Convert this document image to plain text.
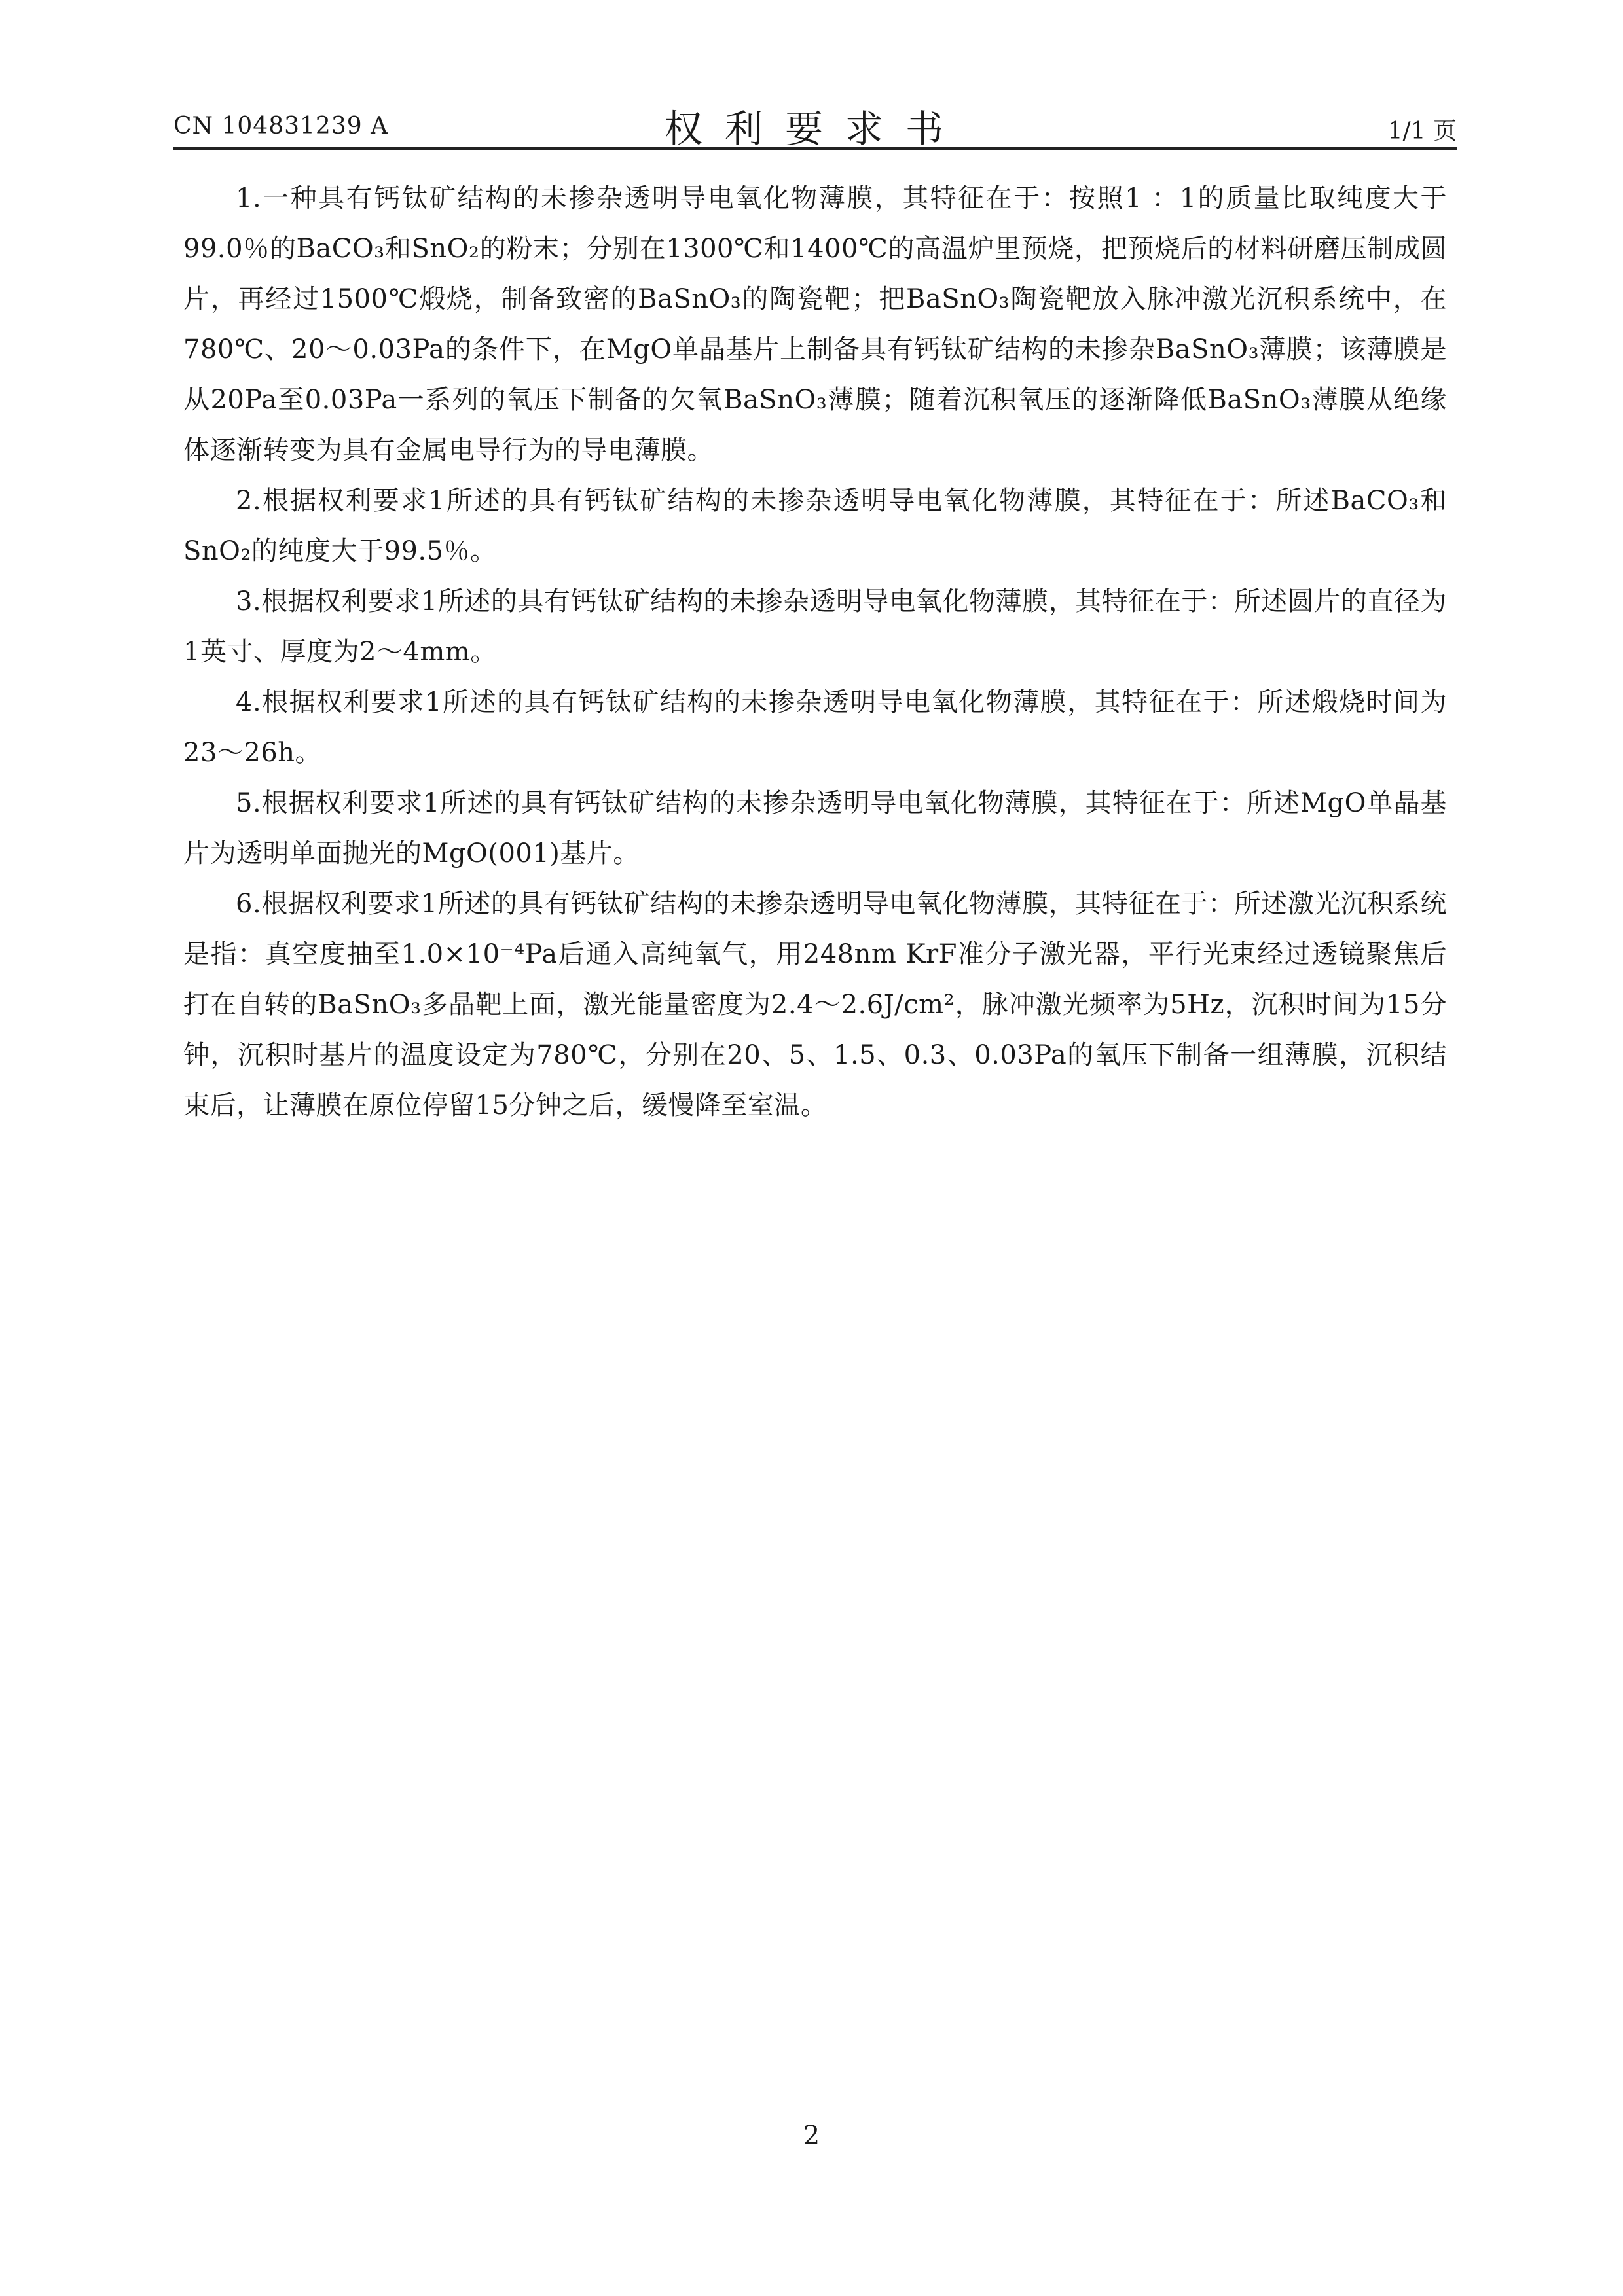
CN 104831239 A	权利要求书	1/1 页

1.一种具有钙钛矿结构的未掺杂透明导电氧化物薄膜，其特征在于：按照1 ：1的质量比取纯度大于99.0％的BaCO₃和SnO₂的粉末；分别在1300℃和1400℃的高温炉里预烧，把预烧后的材料研磨压制成圆片，再经过1500℃煅烧，制备致密的BaSnO₃的陶瓷靶；把BaSnO₃陶瓷靶放入脉冲激光沉积系统中，在780℃、20～0.03Pa的条件下，在MgO单晶基片上制备具有钙钛矿结构的未掺杂BaSnO₃薄膜；该薄膜是从20Pa至0.03Pa一系列的氧压下制备的欠氧BaSnO₃薄膜；随着沉积氧压的逐渐降低BaSnO₃薄膜从绝缘体逐渐转变为具有金属电导行为的导电薄膜。

2.根据权利要求1所述的具有钙钛矿结构的未掺杂透明导电氧化物薄膜，其特征在于：所述BaCO₃和SnO₂的纯度大于99.5％。

3.根据权利要求1所述的具有钙钛矿结构的未掺杂透明导电氧化物薄膜，其特征在于：所述圆片的直径为1英寸、厚度为2～4mm。

4.根据权利要求1所述的具有钙钛矿结构的未掺杂透明导电氧化物薄膜，其特征在于：所述煅烧时间为23～26h。

5.根据权利要求1所述的具有钙钛矿结构的未掺杂透明导电氧化物薄膜，其特征在于：所述MgO单晶基片为透明单面抛光的MgO(001)基片。

6.根据权利要求1所述的具有钙钛矿结构的未掺杂透明导电氧化物薄膜，其特征在于：所述激光沉积系统是指：真空度抽至1.0×10⁻⁴Pa后通入高纯氧气，用248nm KrF准分子激光器，平行光束经过透镜聚焦后打在自转的BaSnO₃多晶靶上面，激光能量密度为2.4～2.6J/cm²，脉冲激光频率为5Hz，沉积时间为15分钟，沉积时基片的温度设定为780℃，分别在20、5、1.5、0.3、0.03Pa的氧压下制备一组薄膜，沉积结束后，让薄膜在原位停留15分钟之后，缓慢降至室温。

2
